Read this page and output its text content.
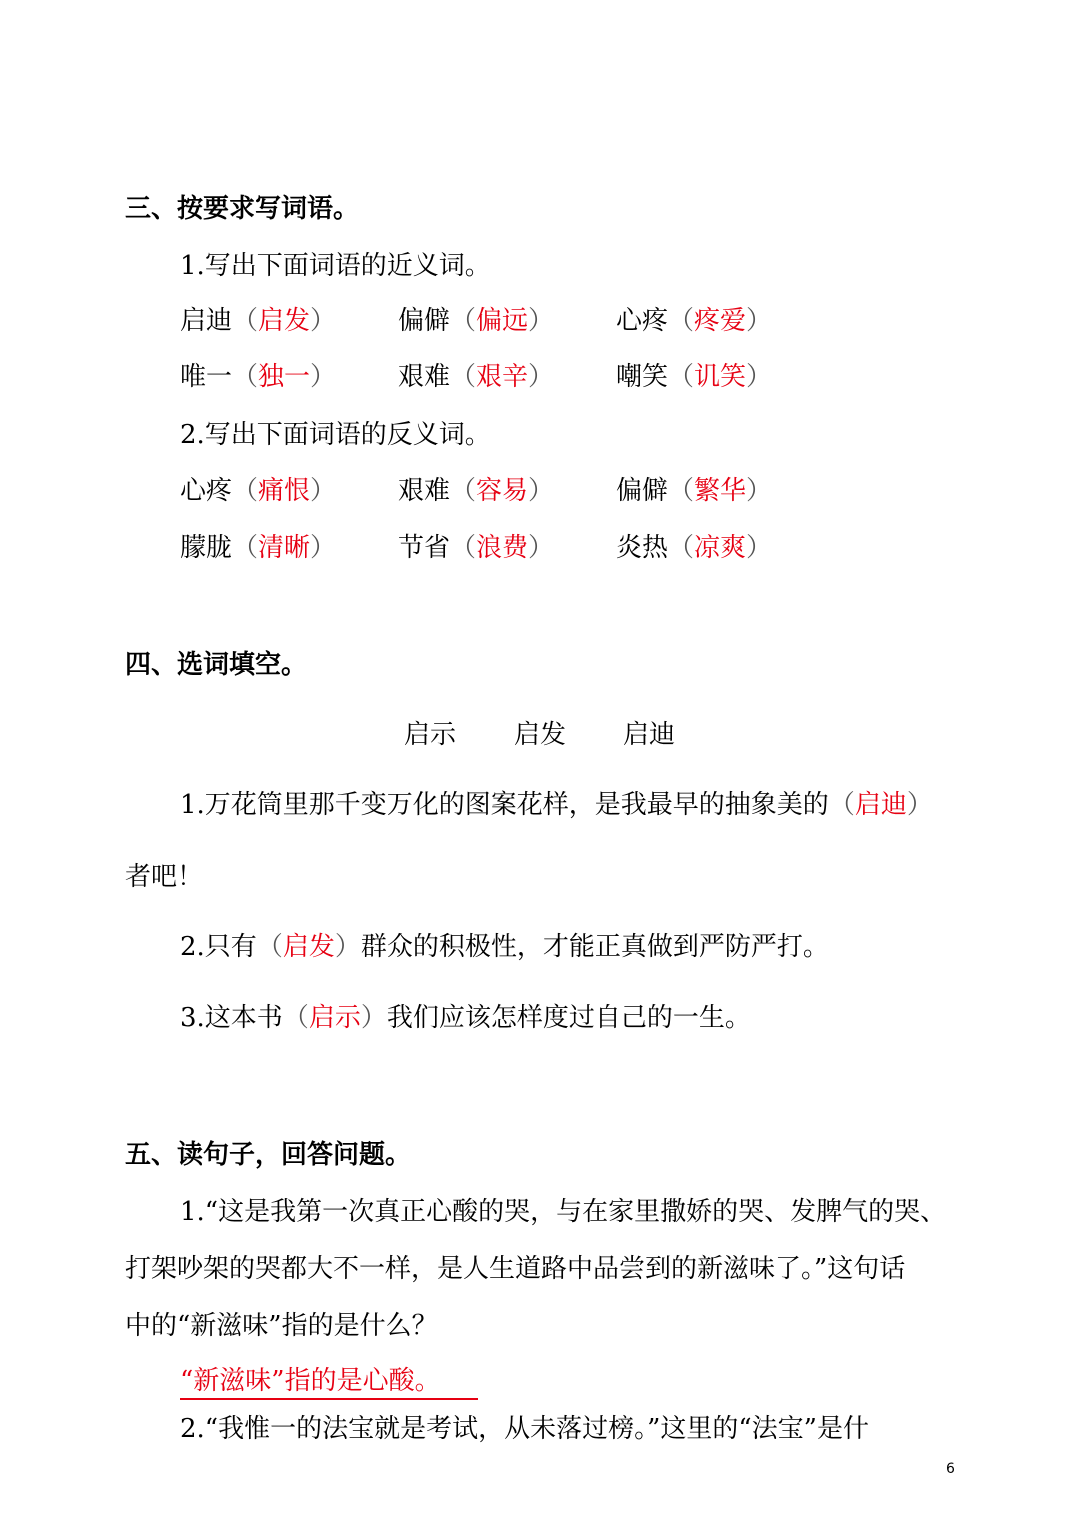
三、按要求写词语。
1.写出下面词语的近义词。
启迪（启发） 偏僻（偏远） 心疼（疼爱）
唯一（独一） 艰难（艰辛） 嘲笑（讥笑）
2.写出下面词语的反义词。
心疼（痛恨） 艰难（容易） 偏僻（繁华）
朦胧（清晰） 节省（浪费） 炎热（凉爽）
四、选词填空。
启示 启发 启迪
1.万花筒里那千变万化的图案花样，是我最早的抽象美的（启迪）
者吧！
2.只有（启发）群众的积极性，才能正真做到严防严打。
3.这本书（启示）我们应该怎样度过自己的一生。
五、读句子，回答问题。
1.“这是我第一次真正心酸的哭，与在家里撒娇的哭、发脾气的哭、
打架吵架的哭都大不一样，是人生道路中品尝到的新滋味了。”这句话
中的“新滋味”指的是什么？
“新滋味”指的是心酸。
2.“我惟一的法宝就是考试，从未落过榜。”这里的“法宝”是什
6
